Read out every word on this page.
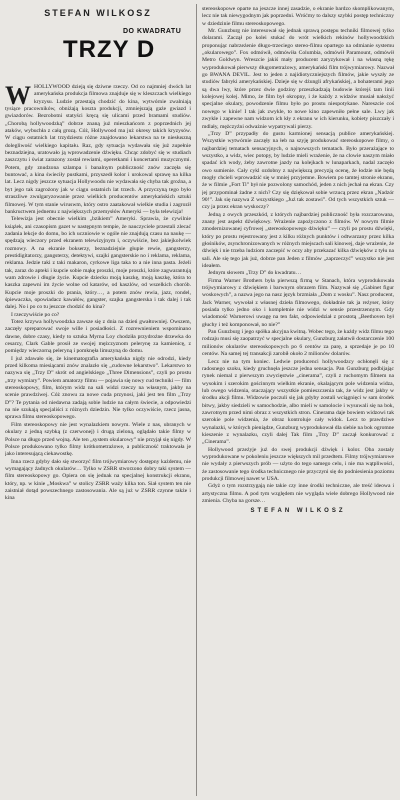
STEFAN WILKOSZ
TRZY D
DO KWADRATU

WHOLLYWOOD dzieją się dziwne rzeczy. Od co najmniej dwóch lat amerykańska produkcja filmowa znajduje się w kleszczach wielkiego kryzysu. Ludzie przestają chodzić do kina, wytwórnie zwalniają tysiące pracowników, obniżają koszta produkcji, zmniejszają gaże gwiazd i gwiazdorów. Bezrobotni statyści kręcą się ulicami przed bramami studiów. „Chorobą hollywoodzką” dobrze znaną już mieszkańcom z poprzednich jej ataków, wybuchła z całą grozą. Cóż, Hollywood ma już okresy takich kryzysów. W ciągu ostatnich lat trzydziestu różne znajdowano lekarstwa na te niesłuszną dolegliwość wielkiego kapitału. Raz, gdy sytuacja wydawała się już zupełnie beznadziejna, uratowało ją wprowadzenie dźwięku. Chcąc zdobyć się w studiach zaszczytu i świat zarazony został rewiami, operetkami i koncertami muzycznymi. Potem, gdy znudzona szlampa i banalnym publiczność znów zaczęła się buntować, a kina świeciły pustkami, przyszedł kolor i urokowal sprawę na kilka lat. Lecz nigdy jeszcze sytuacja Hollywoodu nie wydawała się chyba tak groźna, a byt jego tak zagrożony jak w ciągu ostatnich lat trzech. A przyczyną tego było straszliwe zwulgaryzowanie przez wielkich producentów amerykańskich sztuki filmowej. W tym stanie wiruswm, który ostro zaatakował wielkie studia i zagroził bankructwem jednemu z największych przemysłów Ameryki — była telewizja!

Telewizja jest obecnie wielkim „bzikiem” Ameryki. Sprawia, że cywilnie książek, ani czasopism gazet w następnym tempie, że nauczyciele przestali zlecać zadania lekcje do domu, bo ich uczniowie w ogóle nie znajdują czasu na naukę — spędzają wieczory przed ekranem telewizyjnym i, oczywiście, bez jakiejkolwiek rozmowy. A na ekranie bokserzy, beznadziejnie głupie rewie, gangsterzy, prestidigitatorzy, gangsterzy, detektywi, szajki gangsterskie no i reklama, reklama, reklama. Jedzie taki z taki makaron, cyrkowe liga taka to a nie inna pasta. Jeżeli tak, zaraz do apteki i kupcie sobie mąkę proszki, moje proszki, które zagwarantują wam zdrowie i długie życie. Kupcie dziecku moją kaszkę, moją kaszkę, która to kaszka zapewni im życie wolne od katarów, od kaszlów, od wszelkich chorób. Kupcie moje proszki do prania, który…, a potem znów rewia, jazz, rondel, śpiewaczka, opowiadacz kawałów, gangster, szajka gangsterska i tak dalej i tak dalej. No i po co tu jeszcze chodzić do kina?

I rzeczywiście po co?

Totez krzywa hollywoodzka zawsze się z dnia na dzień gwałtowniej. Owszem, zaczęły spreparować swoje wille i posiadłości. Z rozrewnieniem wspominano dawne, dobre czasy, kiedy to sztuka Myrna Loy chodziła przydrożne drzewka do cesarzy, Clark Gable prosił ze swojej mężczyznom pelerynę za kamienicę, z pomiędzy wieczorną peleryną i pomknęła limuzyną do domu.

I już zdawało się, że kinematografia amerykańska nigdy nie odrodzi, kiedy przed kilkoma miesiącami znów znalazło się „cudowne lekarstwo”. Lekarstwo to nazywa się „Trzy D” skrót od angielskiego „Three Dimensions”, czyli po prostu „trzy wymiary”. Powiem amatorzy filmu — pojawia się nowy cud techniki — film stereoskopowy, film, którym widz na sali widzi rzeczy na własnym, jakby na scenie prawdziwej. Cóż znowu za nowe cuda przynosi, jaki jest ten film „Trzy D”? Te pytania od niedawna zadają sobie ludzie na całym świecie, a odpowiedzi na nie szukają specjaliści z różnych dziedzin. Nie tylko oczywiście, rzecz jasna, sprawa filmu stereoskopowego.

Film stereoskopowy nie jest wynalazkiem nowym. Wiele z nas, ubranych w okulary z jedną szybką (z czerwonej) i drugą zieloną, oglądało takie filmy w Polsce na długo przed wojną. Ale ten „system okularowy” nie przyjął się nigdy. W Polsce produkowano tylko filmy krótkometrażowe, a publiczność traktowała je jako interesującą ciekawostkę.

Inna rzecz gdyby dało się stworzyć film trójwymiarowy dostępny każdemu, nie wymagający żadnych okularów… Tylko w ZSRR stworzono dobry taki system — film stereoskopowy go. Opiera on się jednak na specjalnej konstrukcji ekranu, który, np. w kinie „Moskwa” w stolicy ZSRR waży kilka ton. Siał system ten nie zaistniał dotąd powszechnego zastosowania. Ale są już w ZSRR czynne także i kina

stereoskopowe oparte na jeszcze innej zasadzie, o ekranie bardzo skomplikowanym, lecz nie tak niewygodnym jak poprzedni. Wróćmy to dalszy szybki postęp techniczny w dziedzinie filmu stereoskopowego.

Mr. Gunzburg nie interesował się jednak sprawą postępu techniki filmowej tylko dolarami. Zaczął po kolei stukać do wrót wielkich rekinów hollywoodzkich proponując nabrzeżenie długo-trzeciego stereo-filmu opartego na odmianie systemu „okularowego”. Fox odmówił, odmówiła Columbia, odmówił Paramount, odmówił Metro Goldwyn. Wreszcie jakiś mały producent zaryzykował i na własną rękę wyprodukował pierwszy długometrażowy, amerykański film trójwymiarowy. Nazwał go BWANA DEVIL. Jest to jeden z najidiotyczniejszych filmów, jakie wyszły ze studiów fabryki amerykańskiej. Dzieje się w dżungli afrykańskiej, a bohaterami jego są dwa lwy, które przez dwie godziny przeszkadzają budowie którejś tam linii kolejowej kolej. Mimo, że film był okropny, i że każdy z widzów musiał nałożyć specjalne okulary, powodzenie filmu było po prostu niespotykane. Nareszcie coś nowego w kinie! I tak jak zwykle, to nowe kino zapewniło pełne sale. Lwy jak zwykle i zapewne nam widzom ich kły z ekranu w ich kierunku, kobiety piszczały i mdlały, mężczyźni odważnie wypatrywali pierzy.

„Trzy D” przypadły do gustu karmionej sensacją publice amerykańskiej. Wszystkie wytwórnie zaczęły na łeb na szyję produkować stereoskopowe filmy, o najbardziej tematach sensacyjnych, o najnowszych tematach. Było przerażające to wszystko, a widz, wiec potopy, by ludzie mieli wrażenie, że na clowie naszym miało spadać ich wody, żeby zawrotne jazdy na kolejkach w lunaparkach, nadal zaczęło owo sumienie. Cały cykl ozdobny z największą precyzją ocenę, że łodzie nie będą mogły chcieli wprowadzić się w mniej przyjemne. Bowiem po tamtej stronie ekranu, że w filmie „Fort Ti” był nie pozwolony samochód, jeden z nich jechał na ekran. Czy jej przypominał żadne z nich? Czy się dziękował sobie wrzucą przez ekran „Nadzór 90!”. Jak się nazywa Z wszystkiego „Już tak zostawi”. Od tych wszystkich sztuk — czy ja przez ekran wyskoczy?

Jedną z owych przeszkód, z których najbardziej publiczność była rozczarowana, znany jest aspekt dźwiękowy. Wrażenie zapożyczono z filmów. W nowym filmie zmodernizowanej cyfrowej „stereoskopowego dźwięku” — czyli po prostu dźwięki, który po prostu rejestrowany jest z kilku różnych punktów i odtwarzany przez kilka głośników, zsynchronizowanych w różnych miejscach sali kinowej, daje wrażenie, że dźwięk i nie trzeba ludziom zaczepić w oczy aby przekazać kilka dźwięków z tyłu na sali. Ale się tego jak już, dobrze pan Jeden z filmów „zaprzeczyć” wszystko nie jest ideałem.

Jednym słowem „Trzy D” do kwadratu…

Firma Warner Brothers była pierwszą firmą w Stanach, która wyprodukowała trójwymiarowy z dźwiękiem i barwnym obrazem film. Nazywał się „Gabinet figur woskowych”, a nazwa jego na nasz język brzmiała „Dom z wosku”. Nasz producent, Jack Warner, wywołał z własnej dzieła filmowego, dokładnie tak ja reżyser, który posiada tylko jedno oko i kompletnie nie widzi w sensie przestrzennym. Gdy wiadomość Warnerowi uwagę na ten fakt, odpowiedział z prostotą „Beethoven był głuchy i też komponował, no nie?”

Pan Gunzburg i jego spółka akcyjna kwitną. Wobec tego, że każdy widz filmu tego rodzaju musi się zaopatrzyć w specjalne okulary, Gunzburg załatwił dostarczenie 100 milionów okularów stereoskopowych po 6 centów za parę, a sprzedaje je po 10 centów. Na samej tej transakcji zarobił około 2 milionów dolarów.

Lecz nie na tym koniec. Ledwie producenci hollywoodzcy ochłonęli się z radosnego szoku, kiedy gruchnęła jeszcze jedna sensacja. Pan Gunzburg podbijając rynek niemal z pierwszym zwycięstwie „cinerama”, czyli z ruchomym filmem na wysokim i szerokim gościnnym wielkim ekranie, okalającym pole widzenia widza, lub owego widzenia, otaczający wszystkie pomieszczenia tak, że widz jest jakby w środku akcji filmu. Widzowie poczuli się jak gdyby zostali wciągnięci w sam środek bitwy, jakby siedzieli w samochodzie, albo mieli w samolocie i wysuwali się na bok, zawrotnym przed nimi obraz z wszystkich stron. Cinerama daje bowiem widzowi tak szerokie pole widzenia, że obraz kontroluje cały widok. Lecz to prawdziwe wynalazki, w których pieniądze, Gunzburg wyprodukował dla siebie na bok ogromne kieszenie z wynalazku, czyli dalej Tak film „Trzy D” zaczął konkurować z „Cinerama”.

Hollywood przeżyje już do swej produkcji dźwięk i kolor. Oba zostały wyprodukowane w pokoleniu jeszcze większych mil przedtem. Filmy trójwymiarowe nie wydały z pierwszych prób — użyto do tego samego celu, i nie ma wątpliwości, że zastosowanie tego środka technicznego nie przyczyni się do podniesienia poziomu produkcji filmowej nawet w USA.

Gdyż o tym rozstrzygają nie takie czy inne środki techniczne, ale treść ideowa i artystyczna filmu. A pod tym względem nie wygląda wiele dobrego Hollywood nie zmienia. Chyba na gorsze…

STEFAN WILKOSZ
